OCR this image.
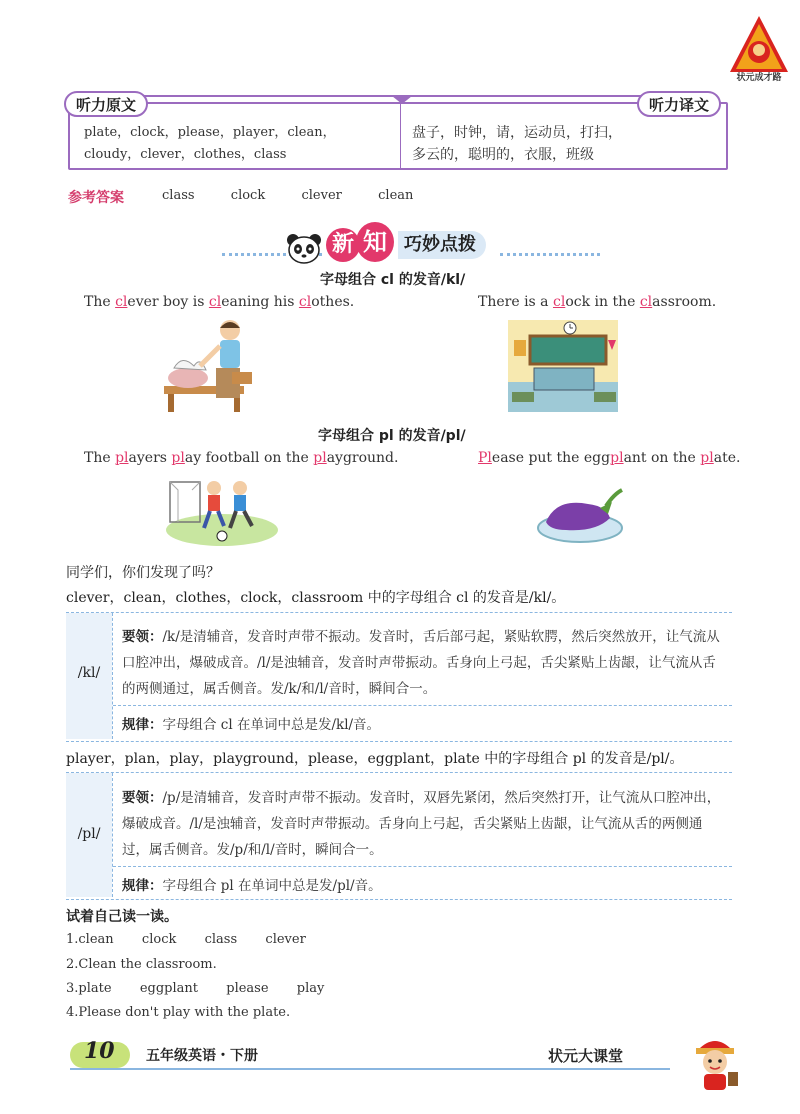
状元成才路
听力原文	听力译文
plate，clock，please，player，clean，
cloudy，clever，clothes，class
盘子，时钟，请，运动员，打扫，
多云的，聪明的，衣服，班级
参考答案	class  clock  clever  clean
新 知 巧妙点拨
字母组合 cl 的发音/kl/
The clever boy is cleaning his clothes.	There is a clock in the classroom.
字母组合 pl 的发音/pl/
The players play football on the playground.	Please put the eggplant on the plate.
同学们，你们发现了吗？
clever，clean，clothes，clock，classroom 中的字母组合 cl 的发音是/kl/。
/kl/
要领：/k/是清辅音，发音时声带不振动。发音时，舌后部弓起，紧贴软腭，然后突然放开，让气流从口腔冲出，爆破成音。/l/是浊辅音，发音时声带振动。舌身向上弓起，舌尖紧贴上齿龈，让气流从舌的两侧通过，属舌侧音。发/k/和/l/音时，瞬间合一。
规律：字母组合 cl 在单词中总是发/kl/音。
player，plan，play，playground，please，eggplant，plate 中的字母组合 pl 的发音是/pl/。
/pl/
要领：/p/是清辅音，发音时声带不振动。发音时，双唇先紧闭，然后突然打开，让气流从口腔冲出，爆破成音。/l/是浊辅音，发音时声带振动。舌身向上弓起，舌尖紧贴上齿龈，让气流从舌的两侧通过，属舌侧音。发/p/和/l/音时，瞬间合一。
规律：字母组合 pl 在单词中总是发/pl/音。
试着自己读一读。
1.clean  clock  class  clever
2.Clean the classroom.
3.plate  eggplant  please  play
4.Please don't play with the plate.
10 五年级英语・下册	状元大课堂
